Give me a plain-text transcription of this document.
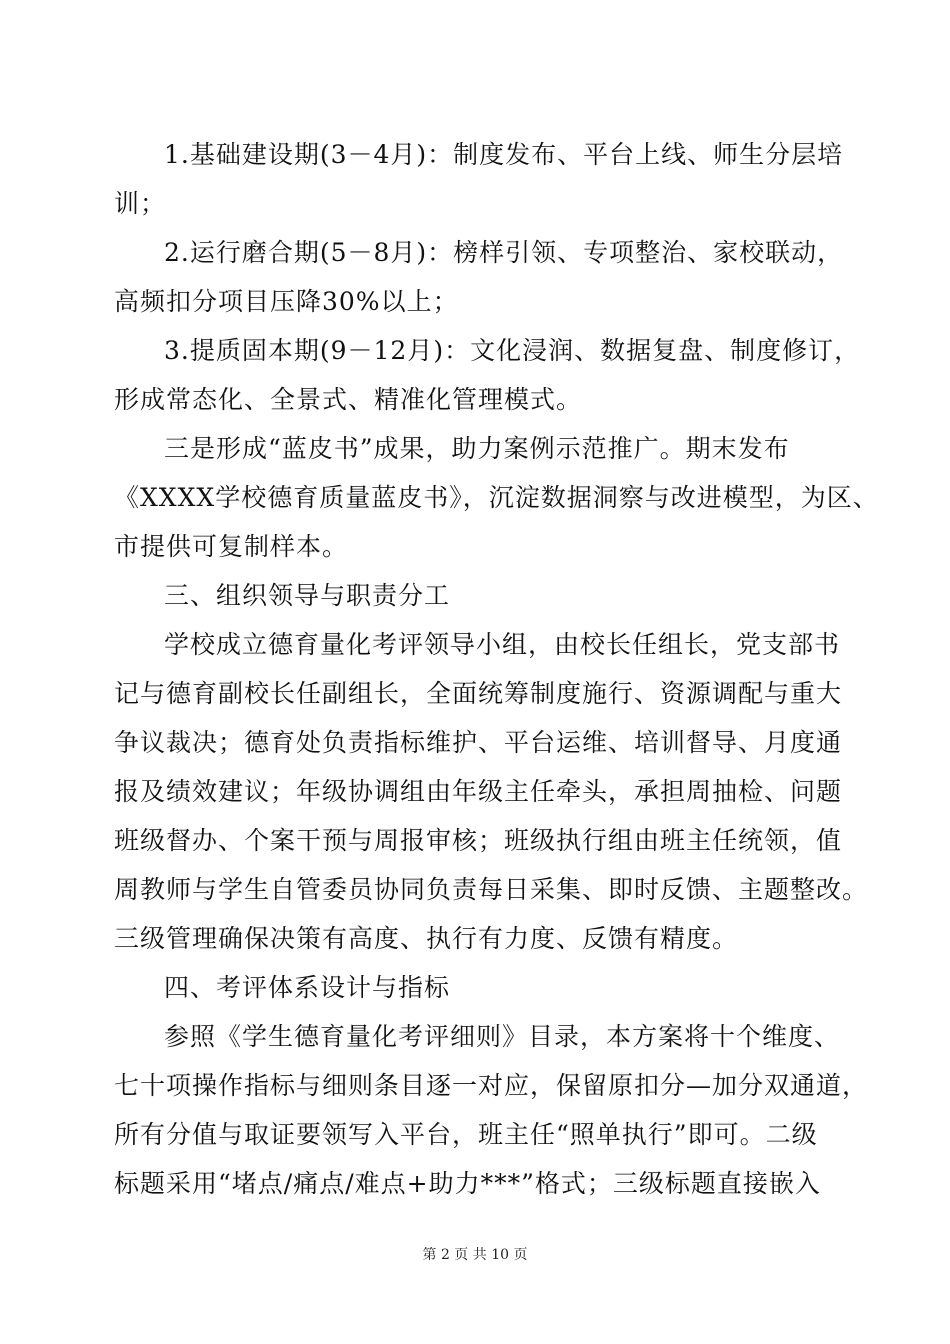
1.基础建设期(3－4月)：制度发布、平台上线、师生分层培
训；
2.运行磨合期(5－8月)：榜样引领、专项整治、家校联动，
高频扣分项目压降30%以上；
3.提质固本期(9－12月)：文化浸润、数据复盘、制度修订，
形成常态化、全景式、精准化管理模式。
三是形成“蓝皮书”成果，助力案例示范推广。期末发布
《XXXX学校德育质量蓝皮书》，沉淀数据洞察与改进模型，为区、
市提供可复制样本。
三、组织领导与职责分工
学校成立德育量化考评领导小组，由校长任组长，党支部书
记与德育副校长任副组长，全面统筹制度施行、资源调配与重大
争议裁决；德育处负责指标维护、平台运维、培训督导、月度通
报及绩效建议；年级协调组由年级主任牵头，承担周抽检、问题
班级督办、个案干预与周报审核；班级执行组由班主任统领，值
周教师与学生自管委员协同负责每日采集、即时反馈、主题整改。
三级管理确保决策有高度、执行有力度、反馈有精度。
四、考评体系设计与指标
参照《学生德育量化考评细则》目录，本方案将十个维度、
七十项操作指标与细则条目逐一对应，保留原扣分—加分双通道，
所有分值与取证要领写入平台，班主任“照单执行”即可。二级
标题采用“堵点/痛点/难点+助力***”格式；三级标题直接嵌入
第 2 页 共 10 页
